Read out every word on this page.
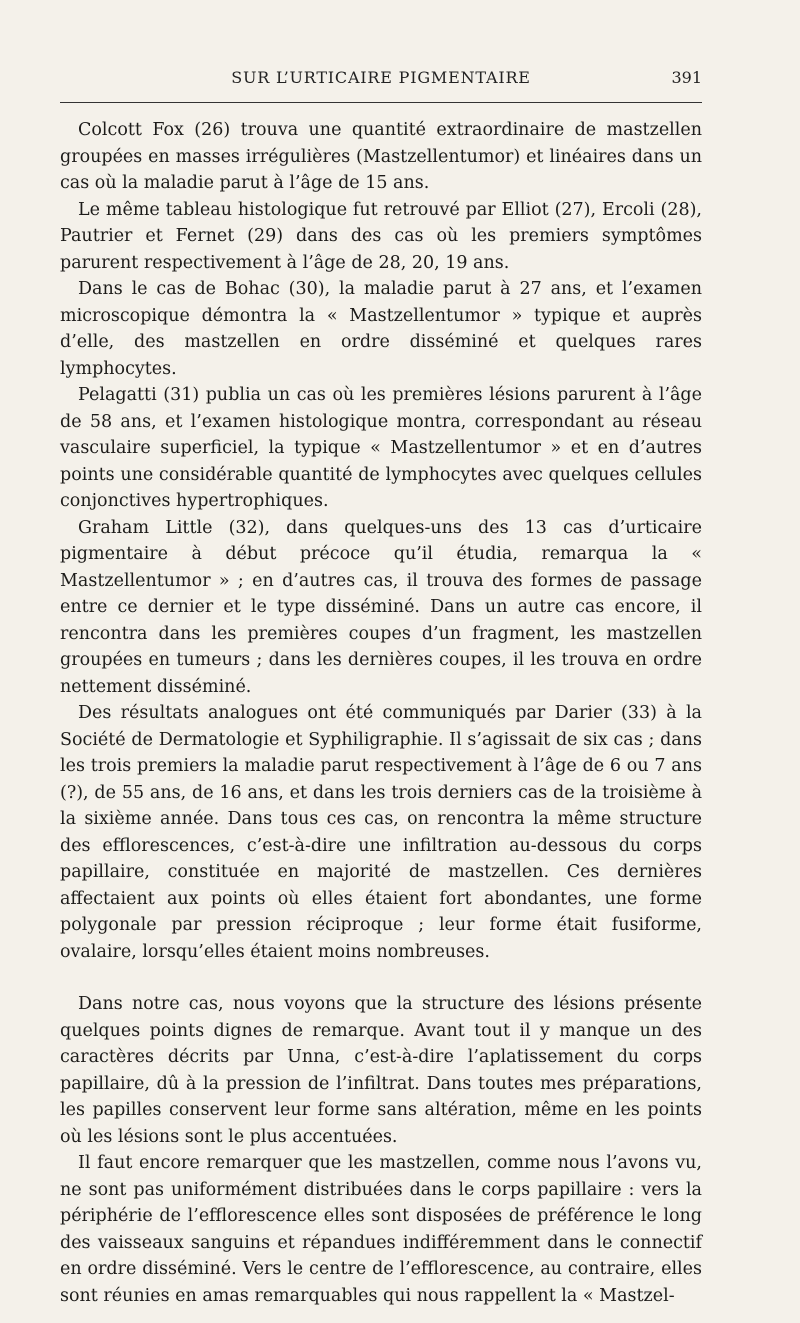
SUR L’URTICAIRE PIGMENTAIRE	391

Colcott Fox (26) trouva une quantité extraordinaire de mastzellen groupées en masses irrégulières (Mastzellentumor) et linéaires dans un cas où la maladie parut à l’âge de 15 ans.

Le même tableau histologique fut retrouvé par Elliot (27), Ercoli (28), Pautrier et Fernet (29) dans des cas où les premiers symptômes parurent respectivement à l’âge de 28, 20, 19 ans.

Dans le cas de Bohac (30), la maladie parut à 27 ans, et l’examen microscopique démontra la « Mastzellentumor » typique et auprès d’elle, des mastzellen en ordre disséminé et quelques rares lymphocytes.

Pelagatti (31) publia un cas où les premières lésions parurent à l’âge de 58 ans, et l’examen histologique montra, correspondant au réseau vasculaire superficiel, la typique « Mastzellentumor » et en d’autres points une considérable quantité de lymphocytes avec quelques cellules conjonctives hypertrophiques.

Graham Little (32), dans quelques-uns des 13 cas d’urticaire pigmentaire à début précoce qu’il étudia, remarqua la « Mastzellentumor » ; en d’autres cas, il trouva des formes de passage entre ce dernier et le type disséminé. Dans un autre cas encore, il rencontra dans les premières coupes d’un fragment, les mastzellen groupées en tumeurs ; dans les dernières coupes, il les trouva en ordre nettement disséminé.

Des résultats analogues ont été communiqués par Darier (33) à la Société de Dermatologie et Syphiligraphie. Il s’agissait de six cas ; dans les trois premiers la maladie parut respectivement à l’âge de 6 ou 7 ans (?), de 55 ans, de 16 ans, et dans les trois derniers cas de la troisième à la sixième année. Dans tous ces cas, on rencontra la même structure des efflorescences, c’est-à-dire une infiltration au-dessous du corps papillaire, constituée en majorité de mastzellen. Ces dernières affectaient aux points où elles étaient fort abondantes, une forme polygonale par pression réciproque ; leur forme était fusiforme, ovalaire, lorsqu’elles étaient moins nombreuses.

Dans notre cas, nous voyons que la structure des lésions présente quelques points dignes de remarque. Avant tout il y manque un des caractères décrits par Unna, c’est-à-dire l’aplatissement du corps papillaire, dû à la pression de l’infiltrat. Dans toutes mes préparations, les papilles conservent leur forme sans altération, même en les points où les lésions sont le plus accentuées.

Il faut encore remarquer que les mastzellen, comme nous l’avons vu, ne sont pas uniformément distribuées dans le corps papillaire : vers la périphérie de l’efflorescence elles sont disposées de préférence le long des vaisseaux sanguins et répandues indifféremment dans le connectif en ordre disséminé. Vers le centre de l’efflorescence, au contraire, elles sont réunies en amas remarquables qui nous rappellent la « Mastzel-
